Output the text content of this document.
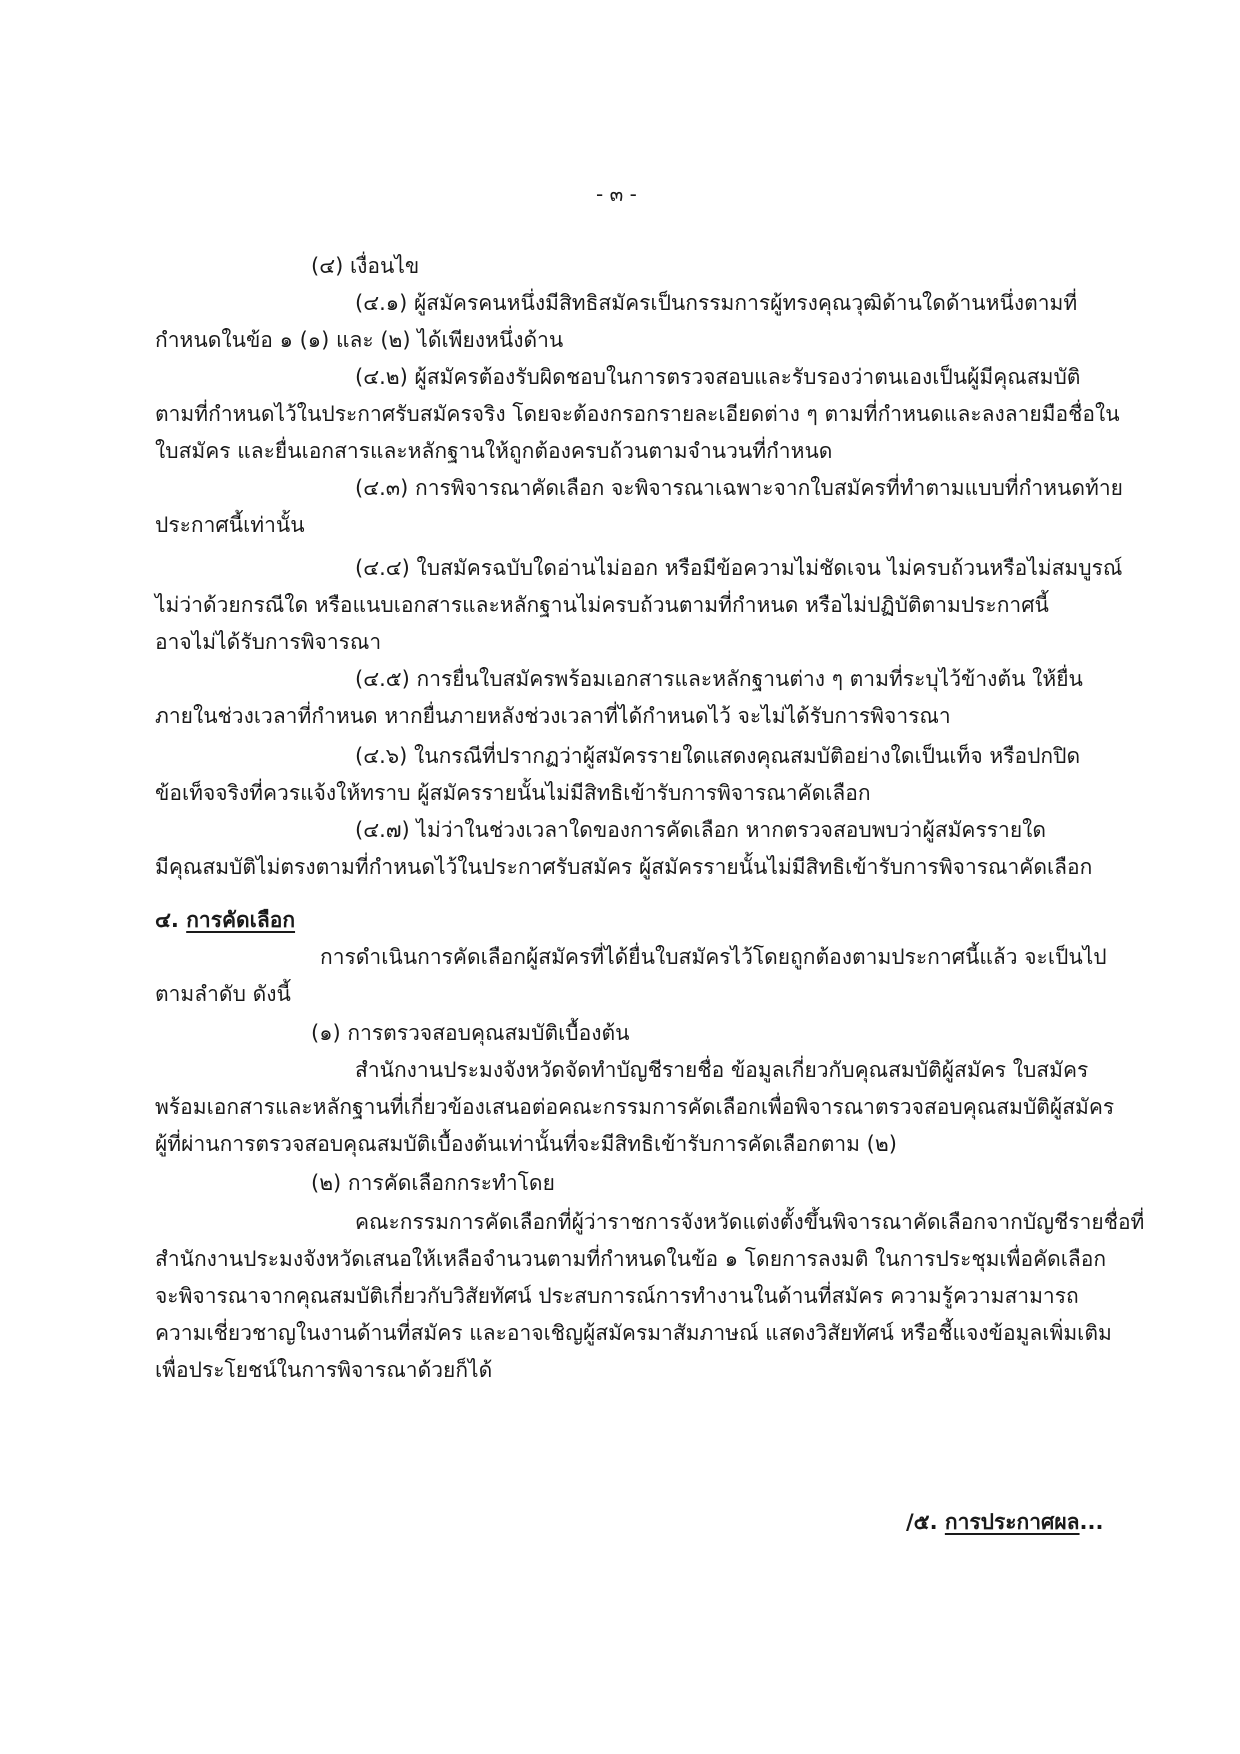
- ๓ -
(๔) เงื่อนไข
(๔.๑) ผู้สมัครคนหนึ่งมีสิทธิสมัครเป็นกรรมการผู้ทรงคุณวุฒิด้านใดด้านหนึ่งตามที่
กำหนดในข้อ ๑ (๑) และ (๒) ได้เพียงหนึ่งด้าน
(๔.๒) ผู้สมัครต้องรับผิดชอบในการตรวจสอบและรับรองว่าตนเองเป็นผู้มีคุณสมบัติ
ตามที่กำหนดไว้ในประกาศรับสมัครจริง โดยจะต้องกรอกรายละเอียดต่าง ๆ ตามที่กำหนดและลงลายมือชื่อใน
ใบสมัคร และยื่นเอกสารและหลักฐานให้ถูกต้องครบถ้วนตามจำนวนที่กำหนด
(๔.๓) การพิจารณาคัดเลือก จะพิจารณาเฉพาะจากใบสมัครที่ทำตามแบบที่กำหนดท้าย
ประกาศนี้เท่านั้น
(๔.๔) ใบสมัครฉบับใดอ่านไม่ออก หรือมีข้อความไม่ชัดเจน ไม่ครบถ้วนหรือไม่สมบูรณ์
ไม่ว่าด้วยกรณีใด หรือแนบเอกสารและหลักฐานไม่ครบถ้วนตามที่กำหนด หรือไม่ปฏิบัติตามประกาศนี้
อาจไม่ได้รับการพิจารณา
(๔.๕) การยื่นใบสมัครพร้อมเอกสารและหลักฐานต่าง ๆ ตามที่ระบุไว้ข้างต้น ให้ยื่น
ภายในช่วงเวลาที่กำหนด หากยื่นภายหลังช่วงเวลาที่ได้กำหนดไว้ จะไม่ได้รับการพิจารณา
(๔.๖) ในกรณีที่ปรากฏว่าผู้สมัครรายใดแสดงคุณสมบัติอย่างใดเป็นเท็จ หรือปกปิด
ข้อเท็จจริงที่ควรแจ้งให้ทราบ ผู้สมัครรายนั้นไม่มีสิทธิเข้ารับการพิจารณาคัดเลือก
(๔.๗) ไม่ว่าในช่วงเวลาใดของการคัดเลือก หากตรวจสอบพบว่าผู้สมัครรายใด
มีคุณสมบัติไม่ตรงตามที่กำหนดไว้ในประกาศรับสมัคร ผู้สมัครรายนั้นไม่มีสิทธิเข้ารับการพิจารณาคัดเลือก
๔. การคัดเลือก
การดำเนินการคัดเลือกผู้สมัครที่ได้ยื่นใบสมัครไว้โดยถูกต้องตามประกาศนี้แล้ว จะเป็นไป
ตามลำดับ ดังนี้
(๑) การตรวจสอบคุณสมบัติเบื้องต้น
สำนักงานประมงจังหวัดจัดทำบัญชีรายชื่อ ข้อมูลเกี่ยวกับคุณสมบัติผู้สมัคร ใบสมัคร
พร้อมเอกสารและหลักฐานที่เกี่ยวข้องเสนอต่อคณะกรรมการคัดเลือกเพื่อพิจารณาตรวจสอบคุณสมบัติผู้สมัคร
ผู้ที่ผ่านการตรวจสอบคุณสมบัติเบื้องต้นเท่านั้นที่จะมีสิทธิเข้ารับการคัดเลือกตาม (๒)
(๒) การคัดเลือกกระทำโดย
คณะกรรมการคัดเลือกที่ผู้ว่าราชการจังหวัดแต่งตั้งขึ้นพิจารณาคัดเลือกจากบัญชีรายชื่อที่
สำนักงานประมงจังหวัดเสนอให้เหลือจำนวนตามที่กำหนดในข้อ ๑ โดยการลงมติ ในการประชุมเพื่อคัดเลือก
จะพิจารณาจากคุณสมบัติเกี่ยวกับวิสัยทัศน์ ประสบการณ์การทำงานในด้านที่สมัคร ความรู้ความสามารถ
ความเชี่ยวชาญในงานด้านที่สมัคร และอาจเชิญผู้สมัครมาสัมภาษณ์ แสดงวิสัยทัศน์ หรือชี้แจงข้อมูลเพิ่มเติม
เพื่อประโยชน์ในการพิจารณาด้วยก็ได้
/๕. การประกาศผล...
